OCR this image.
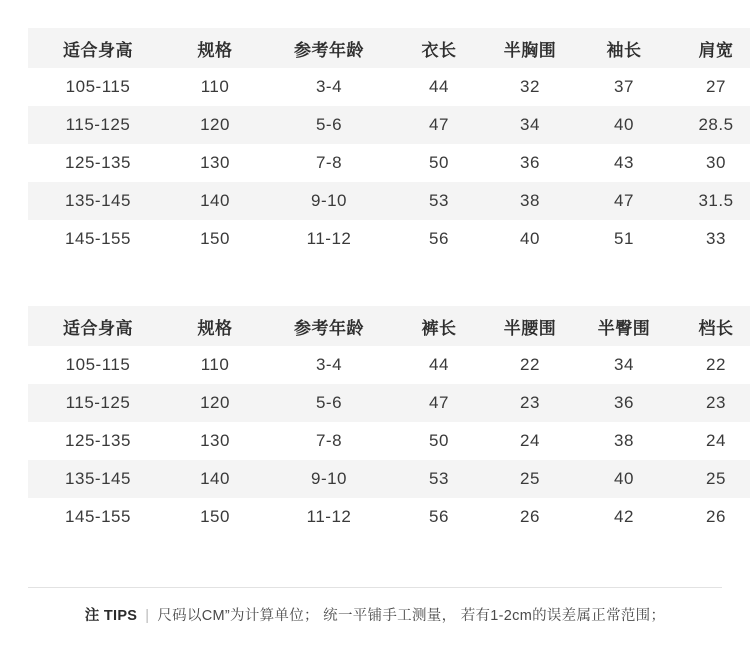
适合身高	规格	参考年龄	衣长	半胸围	袖长	肩宽
105-115	110	3-4	44	32	37	27
115-125	120	5-6	47	34	40	28.5
125-135	130	7-8	50	36	43	30
135-145	140	9-10	53	38	47	31.5
145-155	150	11-12	56	40	51	33
适合身高	规格	参考年龄	裤长	半腰围	半臀围	档长
105-115	110	3-4	44	22	34	22
115-125	120	5-6	47	23	36	23
125-135	130	7-8	50	24	38	24
135-145	140	9-10	53	25	40	25
145-155	150	11-12	56	26	42	26
注 TIPS | 尺码以CM”为计算单位； 统一平铺手工测量， 若有1-2cm的误差属正常范围；
